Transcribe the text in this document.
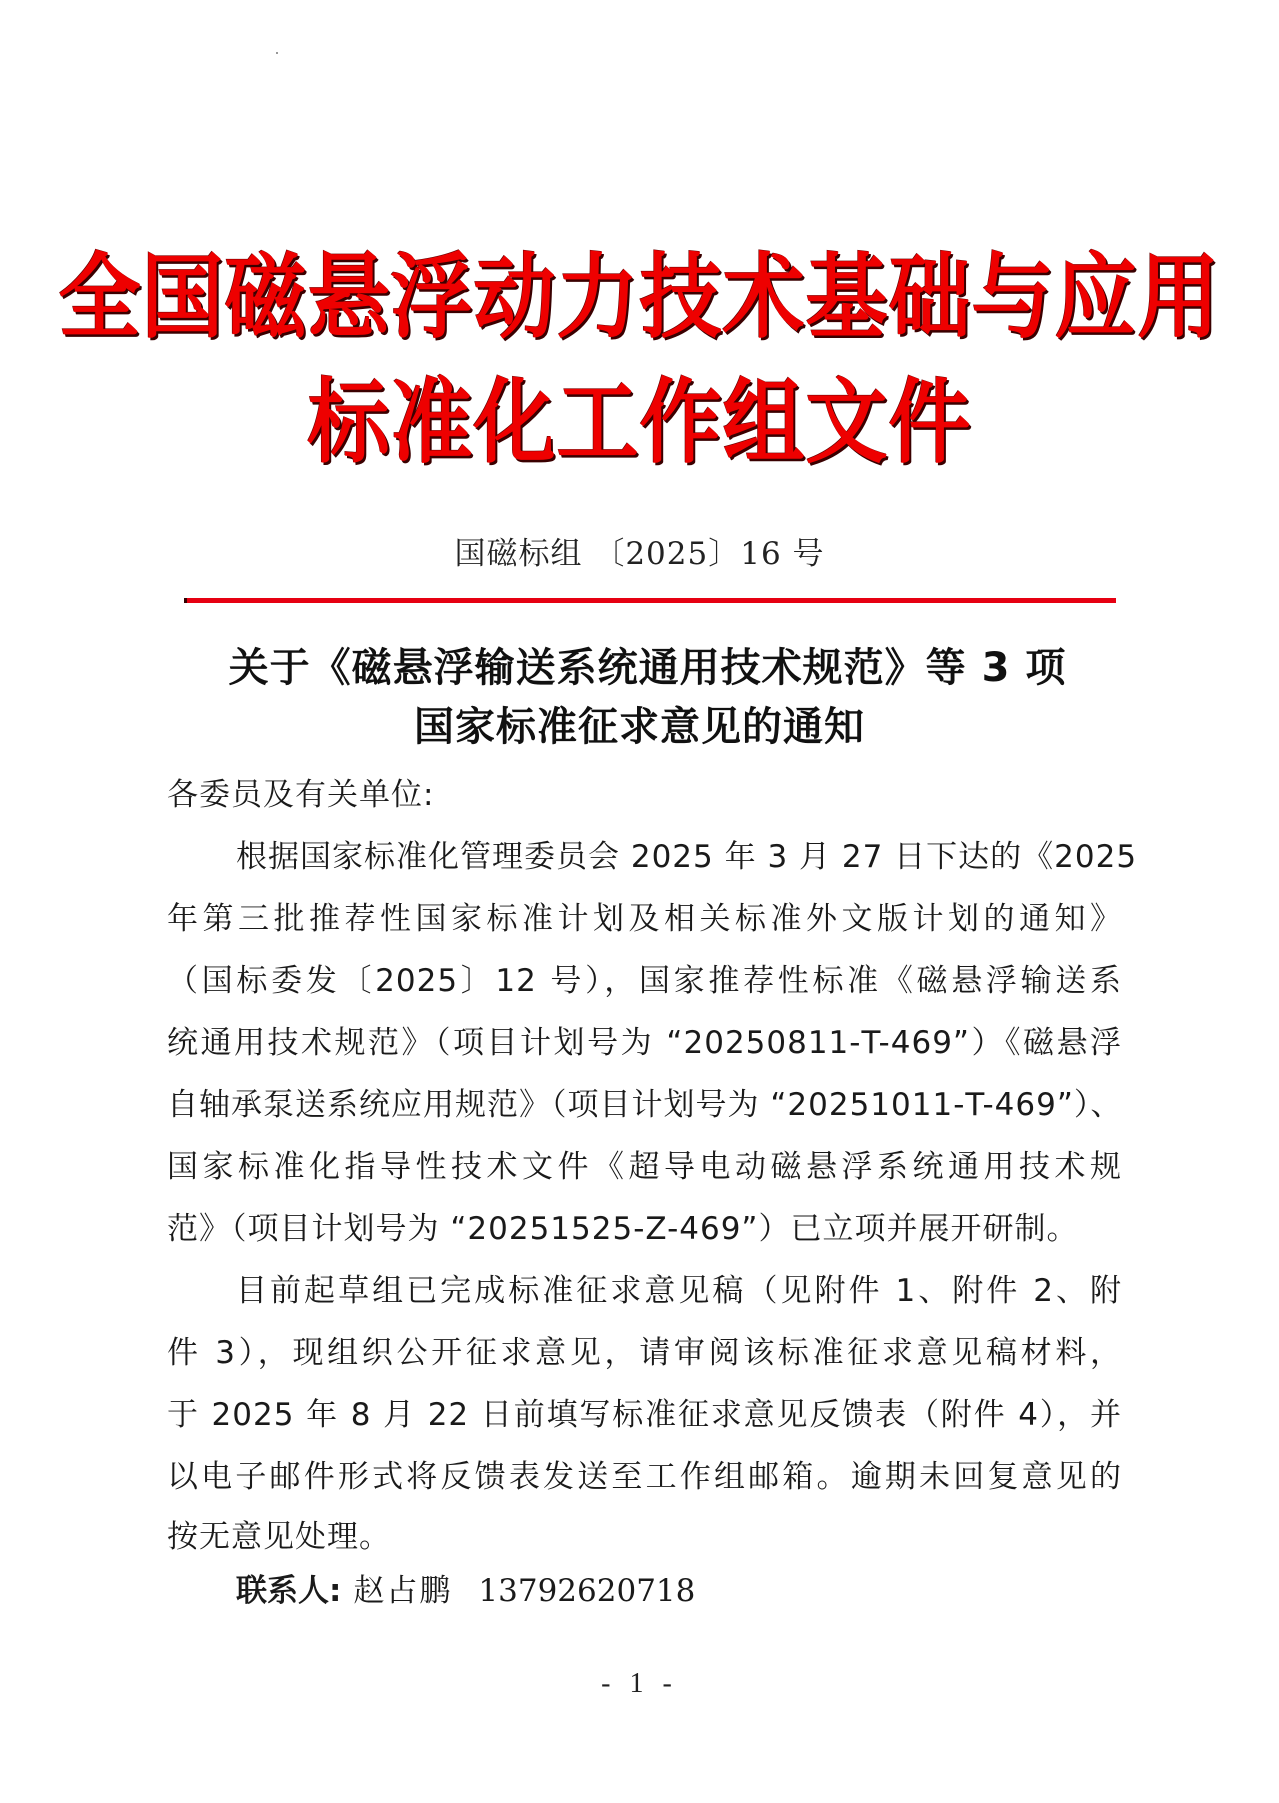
全国磁悬浮动力技术基础与应用
标准化工作组文件
国磁标组 〔2025〕16 号
关于《磁悬浮输送系统通用技术规范》等 3 项
国家标准征求意见的通知
各委员及有关单位:
根据国家标准化管理委员会 2025 年 3 月 27 日下达的《2025
年第三批推荐性国家标准计划及相关标准外文版计划的通知》
（国标委发〔2025〕12 号），国家推荐性标准《磁悬浮输送系
统通用技术规范》（项目计划号为 “20250811-T-469”）《磁悬浮
自轴承泵送系统应用规范》（项目计划号为 “20251011-T-469”）、
国家标准化指导性技术文件《超导电动磁悬浮系统通用技术规
范》（项目计划号为 “20251525-Z-469”）已立项并展开研制。
目前起草组已完成标准征求意见稿（见附件 1、附件 2、附
件 3），现组织公开征求意见，请审阅该标准征求意见稿材料，
于 2025 年 8 月 22 日前填写标准征求意见反馈表（附件 4），并
以电子邮件形式将反馈表发送至工作组邮箱。逾期未回复意见的
按无意见处理。
联系人: 赵占鹏 13792620718
- 1 -
